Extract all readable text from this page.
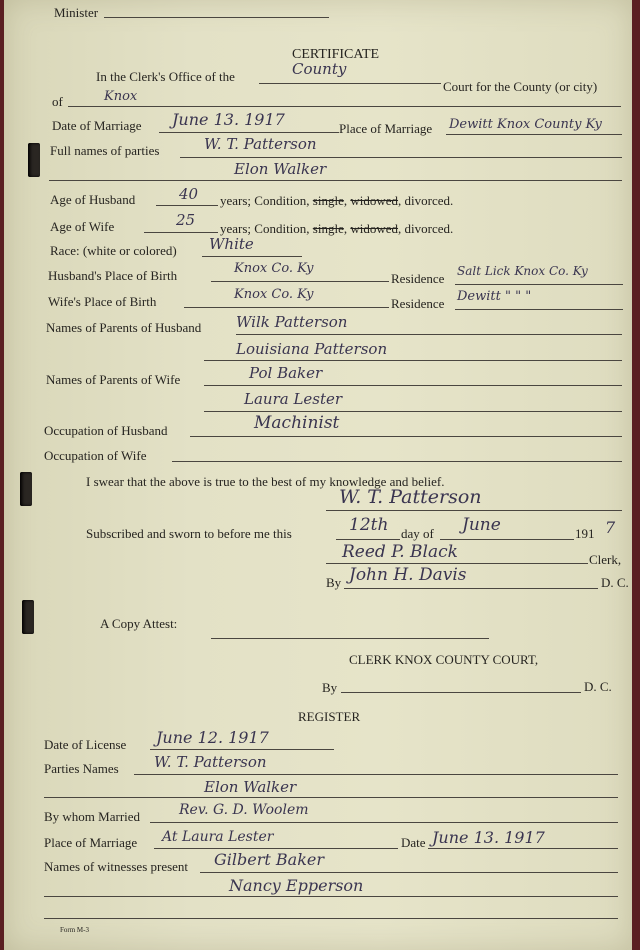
Minister
CERTIFICATE
In the Clerk's Office of the	County
Court for the County (or city)
of	Knox
Date of Marriage June 13. 1917	Place of Marriage Dewitt Knox County Ky
Full names of parties	W. T. Patterson
Elon Walker
Age of Husband	40 years; Condition, single, widowed, divorced.
Age of Wife	25 years; Condition, single, widowed, divorced.
Race: (white or colored) White
Husband's Place of Birth	Knox Co. Ky
Residence Salt Lick Knox Co. Ky
Wife's Place of Birth	Knox Co. Ky
Residence Dewitt " " "
Names of Parents of Husband Wilk Patterson
Louisiana Patterson
Names of Parents of Wife	Pol Baker
Laura Lester
Occupation of Husband	Machinist
Occupation of Wife
I swear that the above is true to the best of my knowledge and belief.
W. T. Patterson
Subscribed and sworn to before me this	12th day of June	191 7
Reed P. Black	Clerk,
By John H. Davis	D. C.
A Copy Attest:
CLERK KNOX COUNTY COURT,
By	D. C.
REGISTER
Date of License June 12. 1917
Parties Names W. T. Patterson
Elon Walker
By whom Married	Rev. G. D. Woolem
Place of Marriage At Laura Lester	Date June 13. 1917
Names of witnesses present Gilbert Baker
Nancy Epperson
Form M-3
